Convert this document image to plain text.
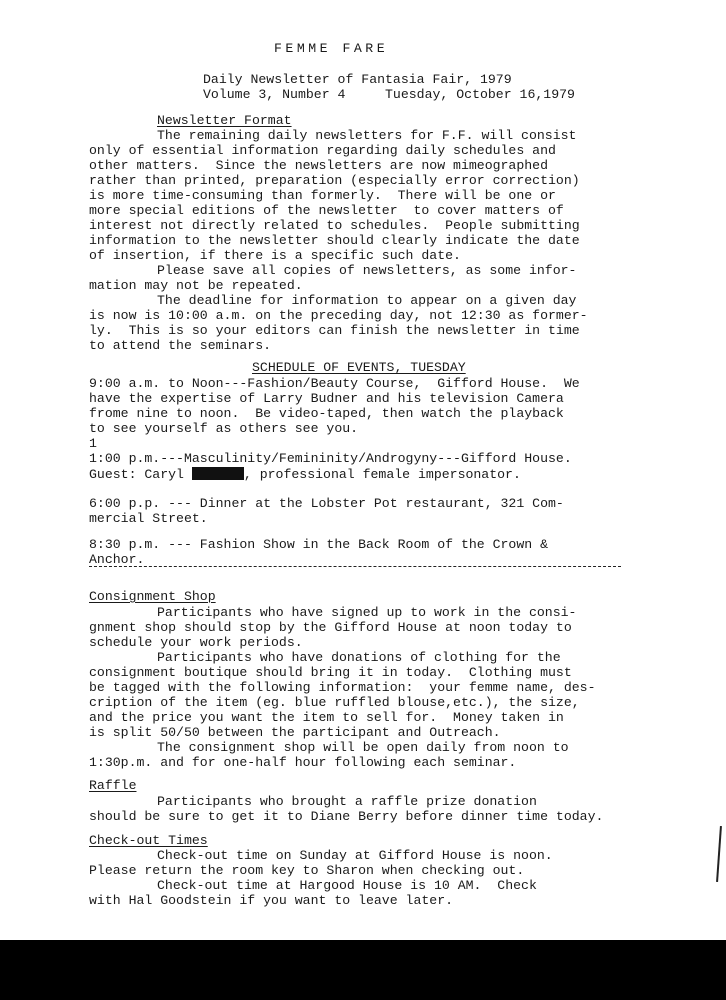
FEMME FARE
Daily Newsletter of Fantasia Fair, 1979
Volume 3, Number 4     Tuesday, October 16,1979
Newsletter Format
The remaining daily newsletters for F.F. will consist
only of essential information regarding daily schedules and
other matters.  Since the newsletters are now mimeographed
rather than printed, preparation (especially error correction)
is more time-consuming than formerly.  There will be one or
more special editions of the newsletter  to cover matters of
interest not directly related to schedules.  People submitting
information to the newsletter should clearly indicate the date
of insertion, if there is a specific such date.
Please save all copies of newsletters, as some infor-
mation may not be repeated.
The deadline for information to appear on a given day
is now is 10:00 a.m. on the preceding day, not 12:30 as former-
ly.  This is so your editors can finish the newsletter in time
to attend the seminars.
SCHEDULE OF EVENTS, TUESDAY
9:00 a.m. to Noon---Fashion/Beauty Course,  Gifford House.  We
have the expertise of Larry Budner and his television Camera
frome nine to noon.  Be video-taped, then watch the playback
to see yourself as others see you.
1
1:00 p.m.---Masculinity/Femininity/Androgyny---Gifford House.
Guest: Caryl	, professional female impersonator.
6:00 p.p. --- Dinner at the Lobster Pot restaurant, 321 Com-
mercial Street.
8:30 p.m. --- Fashion Show in the Back Room of the Crown &
Anchor.
Consignment Shop
Participants who have signed up to work in the consi-
gnment shop should stop by the Gifford House at noon today to
schedule your work periods.
Participants who have donations of clothing for the
consignment boutique should bring it in today.  Clothing must
be tagged with the following information:  your femme name, des-
cription of the item (eg. blue ruffled blouse,etc.), the size,
and the price you want the item to sell for.  Money taken in
is split 50/50 between the participant and Outreach.
The consignment shop will be open daily from noon to
1:30p.m. and for one-half hour following each seminar.
Raffle
Participants who brought a raffle prize donation
should be sure to get it to Diane Berry before dinner time today.
Check-out Times
Check-out time on Sunday at Gifford House is noon.
Please return the room key to Sharon when checking out.
Check-out time at Hargood House is 10 AM.  Check
with Hal Goodstein if you want to leave later.
